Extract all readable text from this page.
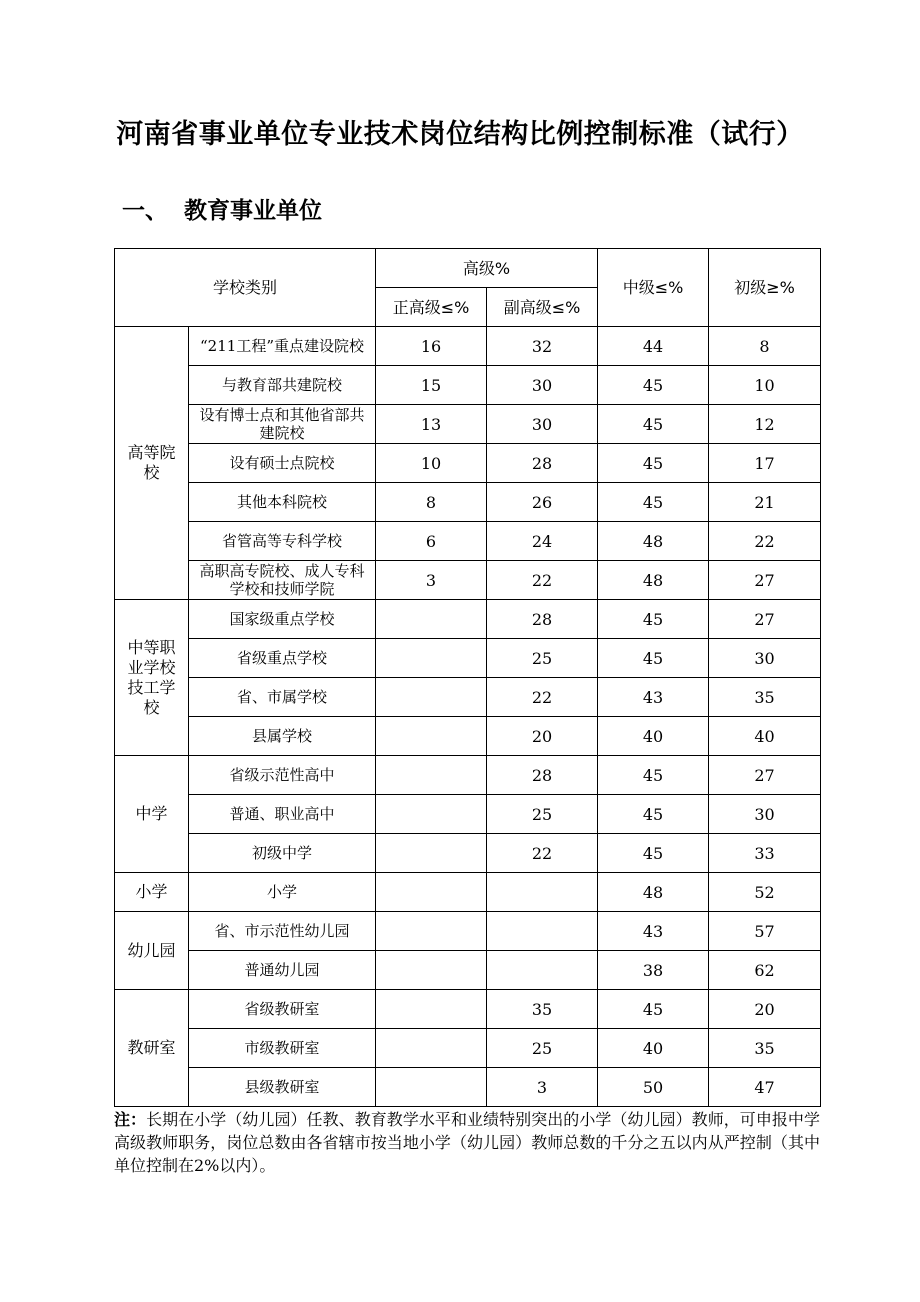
河南省事业单位专业技术岗位结构比例控制标准（试行）
一、 教育事业单位
学校类别		高级%		中级≤%	初级≥%
		正高级≤%	副高级≤%		
高等院校	“211工程”重点建设院校	16	32	44	8
	与教育部共建院校	15	30	45	10
	设有博士点和其他省部共建院校	13	30	45	12
	设有硕士点院校	10	28	45	17
	其他本科院校	8	26	45	21
	省管高等专科学校	6	24	48	22
	高职高专院校、成人专科学校和技师学院	3	22	48	27
中等职业学校技工学校	国家级重点学校		28	45	27
	省级重点学校		25	45	30
	省、市属学校		22	43	35
	县属学校		20	40	40
中学	省级示范性高中		28	45	27
	普通、职业高中		25	45	30
	初级中学		22	45	33
小学	小学			48	52
幼儿园	省、市示范性幼儿园			43	57
	普通幼儿园			38	62
教研室	省级教研室		35	45	20
	市级教研室		25	40	35
	县级教研室		3	50	47
注：长期在小学（幼儿园）任教、教育教学水平和业绩特别突出的小学（幼儿园）教师，可申报中学高级教师职务，岗位总数由各省辖市按当地小学（幼儿园）教师总数的千分之五以内从严控制（其中单位控制在2%以内）。
